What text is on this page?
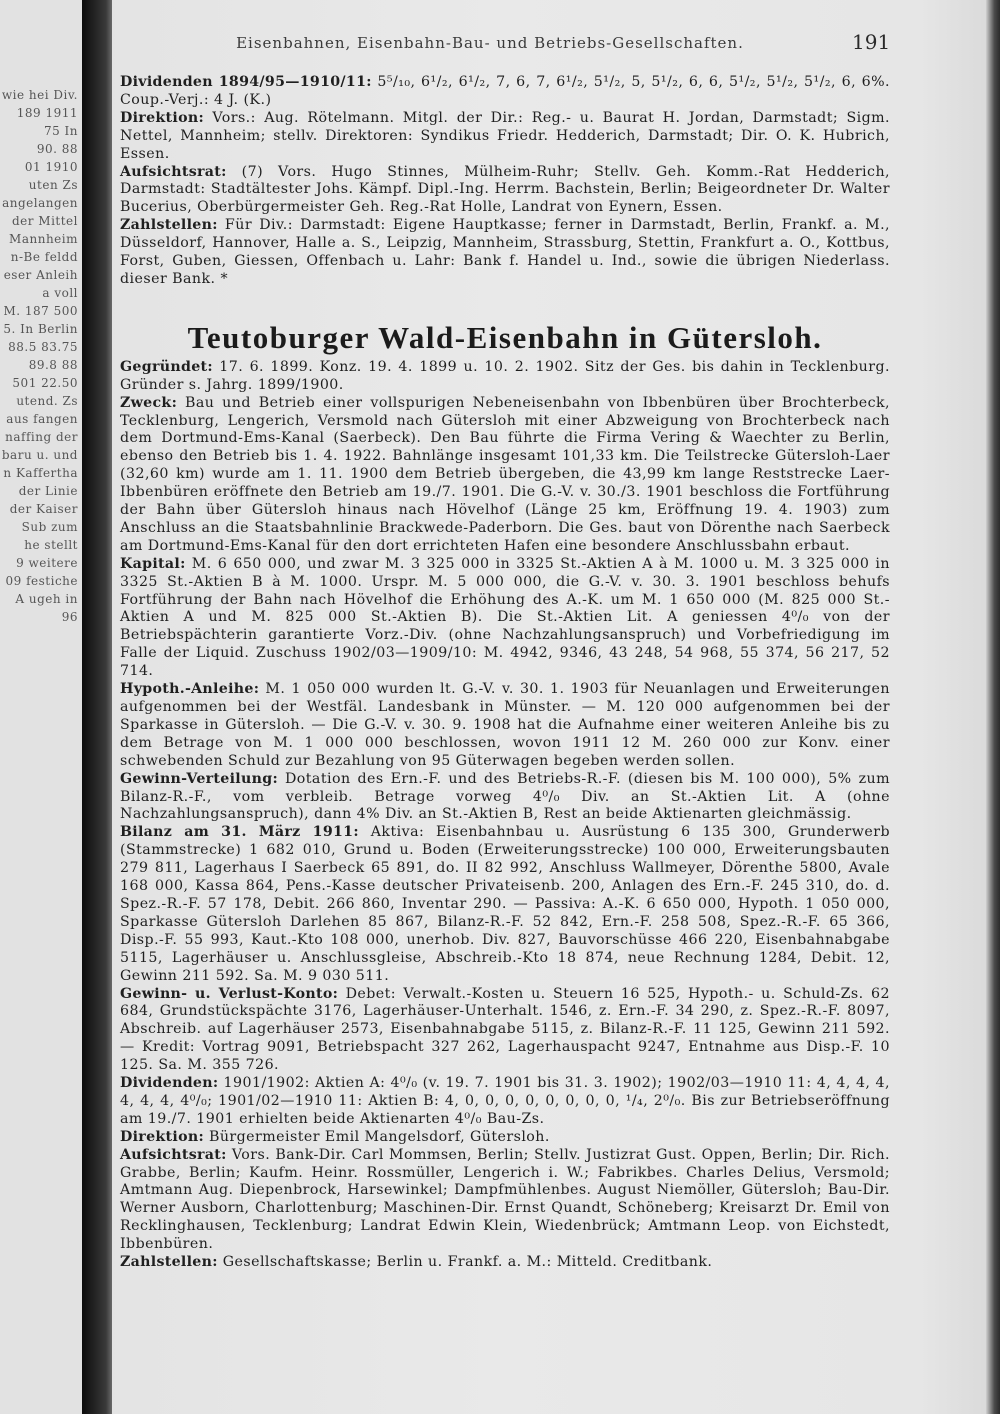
wie hei Div.
189 1911
75 In
90. 88
01 1910
uten Zs
angelangen
der Mittel
Mannheim
n-Be feldd
eser Anleih
a voll
M. 187 500
5. In Berlin
88.5 83.75
89.8 88
501 22.50
utend. Zs
aus fangen
naffing der
baru u. und
n Kaffertha
der Linie
der Kaiser
Sub zum
he stellt
9 weitere
09 festiche
A ugeh in
96
Eisenbahnen, Eisenbahn-Bau- und Betriebs-Gesellschaften.	191

Dividenden 1894/95—1910/11: 5⁵/₁₀, 6¹/₂, 6¹/₂, 7, 6, 7, 6¹/₂, 5¹/₂, 5, 5¹/₂, 6, 6, 5¹/₂, 5¹/₂, 5¹/₂, 6, 6%. Coup.-Verj.: 4 J. (K.)

Direktion: Vors.: Aug. Rötelmann. Mitgl. der Dir.: Reg.- u. Baurat H. Jordan, Darmstadt; Sigm. Nettel, Mannheim; stellv. Direktoren: Syndikus Friedr. Hedderich, Darmstadt; Dir. O. K. Hubrich, Essen.

Aufsichtsrat: (7) Vors. Hugo Stinnes, Mülheim-Ruhr; Stellv. Geh. Komm.-Rat Hedderich, Darmstadt: Stadtältester Johs. Kämpf. Dipl.-Ing. Herrm. Bachstein, Berlin; Beigeordneter Dr. Walter Bucerius, Oberbürgermeister Geh. Reg.-Rat Holle, Landrat von Eynern, Essen.

Zahlstellen: Für Div.: Darmstadt: Eigene Hauptkasse; ferner in Darmstadt, Berlin, Frankf. a. M., Düsseldorf, Hannover, Halle a. S., Leipzig, Mannheim, Strassburg, Stettin, Frankfurt a. O., Kottbus, Forst, Guben, Giessen, Offenbach u. Lahr: Bank f. Handel u. Ind., sowie die übrigen Niederlass. dieser Bank. *

Teutoburger Wald-Eisenbahn in Gütersloh.

Gegründet: 17. 6. 1899. Konz. 19. 4. 1899 u. 10. 2. 1902. Sitz der Ges. bis dahin in Tecklenburg. Gründer s. Jahrg. 1899/1900.

Zweck: Bau und Betrieb einer vollspurigen Nebeneisenbahn von Ibbenbüren über Brochterbeck, Tecklenburg, Lengerich, Versmold nach Gütersloh mit einer Abzweigung von Brochterbeck nach dem Dortmund-Ems-Kanal (Saerbeck). Den Bau führte die Firma Vering & Waechter zu Berlin, ebenso den Betrieb bis 1. 4. 1922. Bahnlänge insgesamt 101,33 km. Die Teilstrecke Gütersloh-Laer (32,60 km) wurde am 1. 11. 1900 dem Betrieb übergeben, die 43,99 km lange Reststrecke Laer-Ibbenbüren eröffnete den Betrieb am 19./7. 1901. Die G.-V. v. 30./3. 1901 beschloss die Fortführung der Bahn über Gütersloh hinaus nach Hövelhof (Länge 25 km, Eröffnung 19. 4. 1903) zum Anschluss an die Staatsbahnlinie Brackwede-Paderborn. Die Ges. baut von Dörenthe nach Saerbeck am Dortmund-Ems-Kanal für den dort errichteten Hafen eine besondere Anschlussbahn erbaut.

Kapital: M. 6 650 000, und zwar M. 3 325 000 in 3325 St.-Aktien A à M. 1000 u. M. 3 325 000 in 3325 St.-Aktien B à M. 1000. Urspr. M. 5 000 000, die G.-V. v. 30. 3. 1901 beschloss behufs Fortführung der Bahn nach Hövelhof die Erhöhung des A.-K. um M. 1 650 000 (M. 825 000 St.-Aktien A und M. 825 000 St.-Aktien B). Die St.-Aktien Lit. A geniessen 4⁰/₀ von der Betriebspächterin garantierte Vorz.-Div. (ohne Nachzahlungsanspruch) und Vorbefriedigung im Falle der Liquid. Zuschuss 1902/03—1909/10: M. 4942, 9346, 43 248, 54 968, 55 374, 56 217, 52 714.

Hypoth.-Anleihe: M. 1 050 000 wurden lt. G.-V. v. 30. 1. 1903 für Neuanlagen und Erweiterungen aufgenommen bei der Westfäl. Landesbank in Münster. — M. 120 000 aufgenommen bei der Sparkasse in Gütersloh. — Die G.-V. v. 30. 9. 1908 hat die Aufnahme einer weiteren Anleihe bis zu dem Betrage von M. 1 000 000 beschlossen, wovon 1911 12 M. 260 000 zur Konv. einer schwebenden Schuld zur Bezahlung von 95 Güterwagen begeben werden sollen.

Gewinn-Verteilung: Dotation des Ern.-F. und des Betriebs-R.-F. (diesen bis M. 100 000), 5% zum Bilanz-R.-F., vom verbleib. Betrage vorweg 4⁰/₀ Div. an St.-Aktien Lit. A (ohne Nachzahlungsanspruch), dann 4% Div. an St.-Aktien B, Rest an beide Aktienarten gleichmässig.

Bilanz am 31. März 1911: Aktiva: Eisenbahnbau u. Ausrüstung 6 135 300, Grunderwerb (Stammstrecke) 1 682 010, Grund u. Boden (Erweiterungsstrecke) 100 000, Erweiterungsbauten 279 811, Lagerhaus I Saerbeck 65 891, do. II 82 992, Anschluss Wallmeyer, Dörenthe 5800, Avale 168 000, Kassa 864, Pens.-Kasse deutscher Privateisenb. 200, Anlagen des Ern.-F. 245 310, do. d. Spez.-R.-F. 57 178, Debit. 266 860, Inventar 290. — Passiva: A.-K. 6 650 000, Hypoth. 1 050 000, Sparkasse Gütersloh Darlehen 85 867, Bilanz-R.-F. 52 842, Ern.-F. 258 508, Spez.-R.-F. 65 366, Disp.-F. 55 993, Kaut.-Kto 108 000, unerhob. Div. 827, Bauvorschüsse 466 220, Eisenbahnabgabe 5115, Lagerhäuser u. Anschlussgleise, Abschreib.-Kto 18 874, neue Rechnung 1284, Debit. 12, Gewinn 211 592. Sa. M. 9 030 511.

Gewinn- u. Verlust-Konto: Debet: Verwalt.-Kosten u. Steuern 16 525, Hypoth.- u. Schuld-Zs. 62 684, Grundstückspächte 3176, Lagerhäuser-Unterhalt. 1546, z. Ern.-F. 34 290, z. Spez.-R.-F. 8097, Abschreib. auf Lagerhäuser 2573, Eisenbahnabgabe 5115, z. Bilanz-R.-F. 11 125, Gewinn 211 592. — Kredit: Vortrag 9091, Betriebspacht 327 262, Lagerhauspacht 9247, Entnahme aus Disp.-F. 10 125. Sa. M. 355 726.

Dividenden: 1901/1902: Aktien A: 4⁰/₀ (v. 19. 7. 1901 bis 31. 3. 1902); 1902/03—1910 11: 4, 4, 4, 4, 4, 4, 4, 4⁰/₀; 1901/02—1910 11: Aktien B: 4, 0, 0, 0, 0, 0, 0, 0, 0, ¹/₄, 2⁰/₀. Bis zur Betriebseröffnung am 19./7. 1901 erhielten beide Aktienarten 4⁰/₀ Bau-Zs.

Direktion: Bürgermeister Emil Mangelsdorf, Gütersloh.

Aufsichtsrat: Vors. Bank-Dir. Carl Mommsen, Berlin; Stellv. Justizrat Gust. Oppen, Berlin; Dir. Rich. Grabbe, Berlin; Kaufm. Heinr. Rossmüller, Lengerich i. W.; Fabrikbes. Charles Delius, Versmold; Amtmann Aug. Diepenbrock, Harsewinkel; Dampfmühlenbes. August Niemöller, Gütersloh; Bau-Dir. Werner Ausborn, Charlottenburg; Maschinen-Dir. Ernst Quandt, Schöneberg; Kreisarzt Dr. Emil von Recklinghausen, Tecklenburg; Landrat Edwin Klein, Wiedenbrück; Amtmann Leop. von Eichstedt, Ibbenbüren.

Zahlstellen: Gesellschaftskasse; Berlin u. Frankf. a. M.: Mitteld. Creditbank.
